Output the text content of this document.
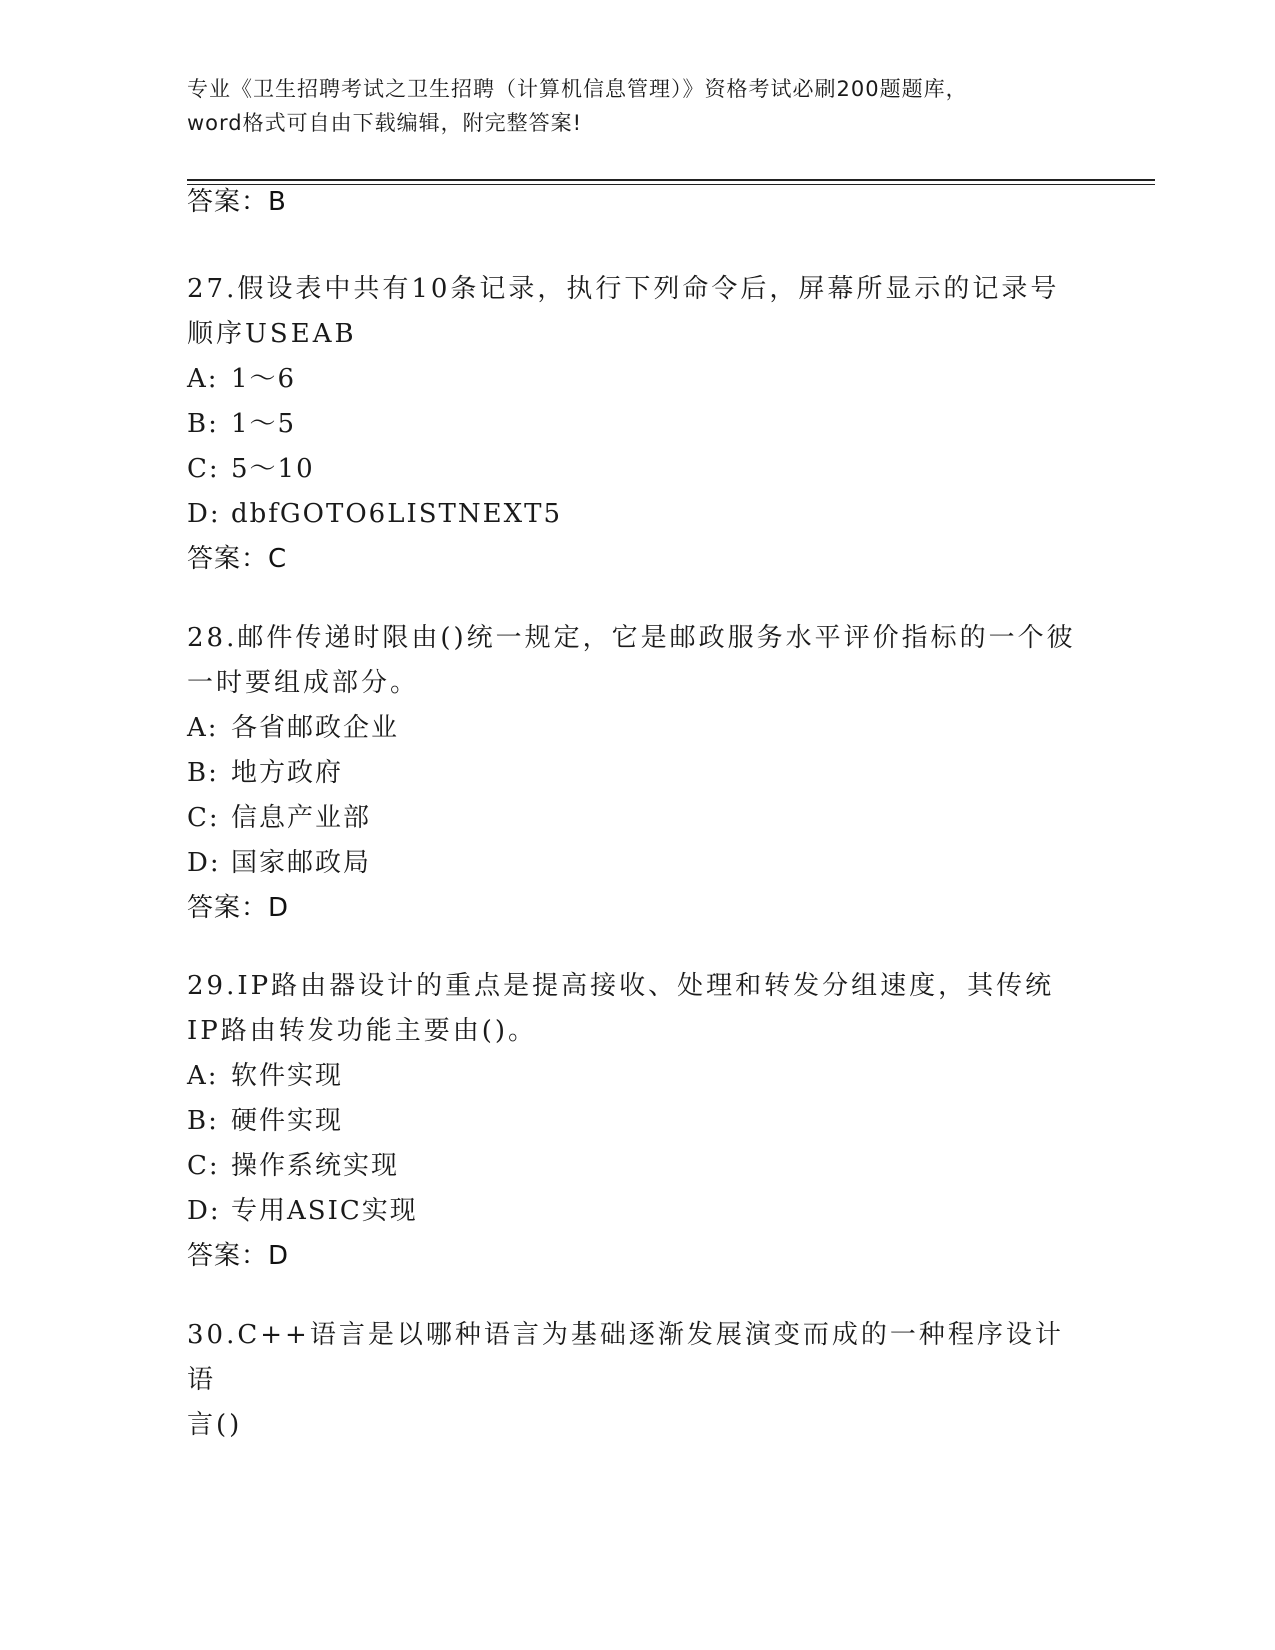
专业《卫生招聘考试之卫生招聘（计算机信息管理）》资格考试必刷200题题库，
word格式可自由下载编辑，附完整答案!
答案：B
27.假设表中共有10条记录，执行下列命令后，屏幕所显示的记录号
顺序USEAB
A: 1～6
B: 1～5
C: 5～10
D: dbfGOTO6LISTNEXT5
答案：C
28.邮件传递时限由()统一规定，它是邮政服务水平评价指标的一个彼
一时要组成部分。
A: 各省邮政企业
B: 地方政府
C: 信息产业部
D: 国家邮政局
答案：D
29.IP路由器设计的重点是提高接收、处理和转发分组速度，其传统
IP路由转发功能主要由()。
A: 软件实现
B: 硬件实现
C: 操作系统实现
D: 专用ASIC实现
答案：D
30.C++语言是以哪种语言为基础逐渐发展演变而成的一种程序设计语
言()
